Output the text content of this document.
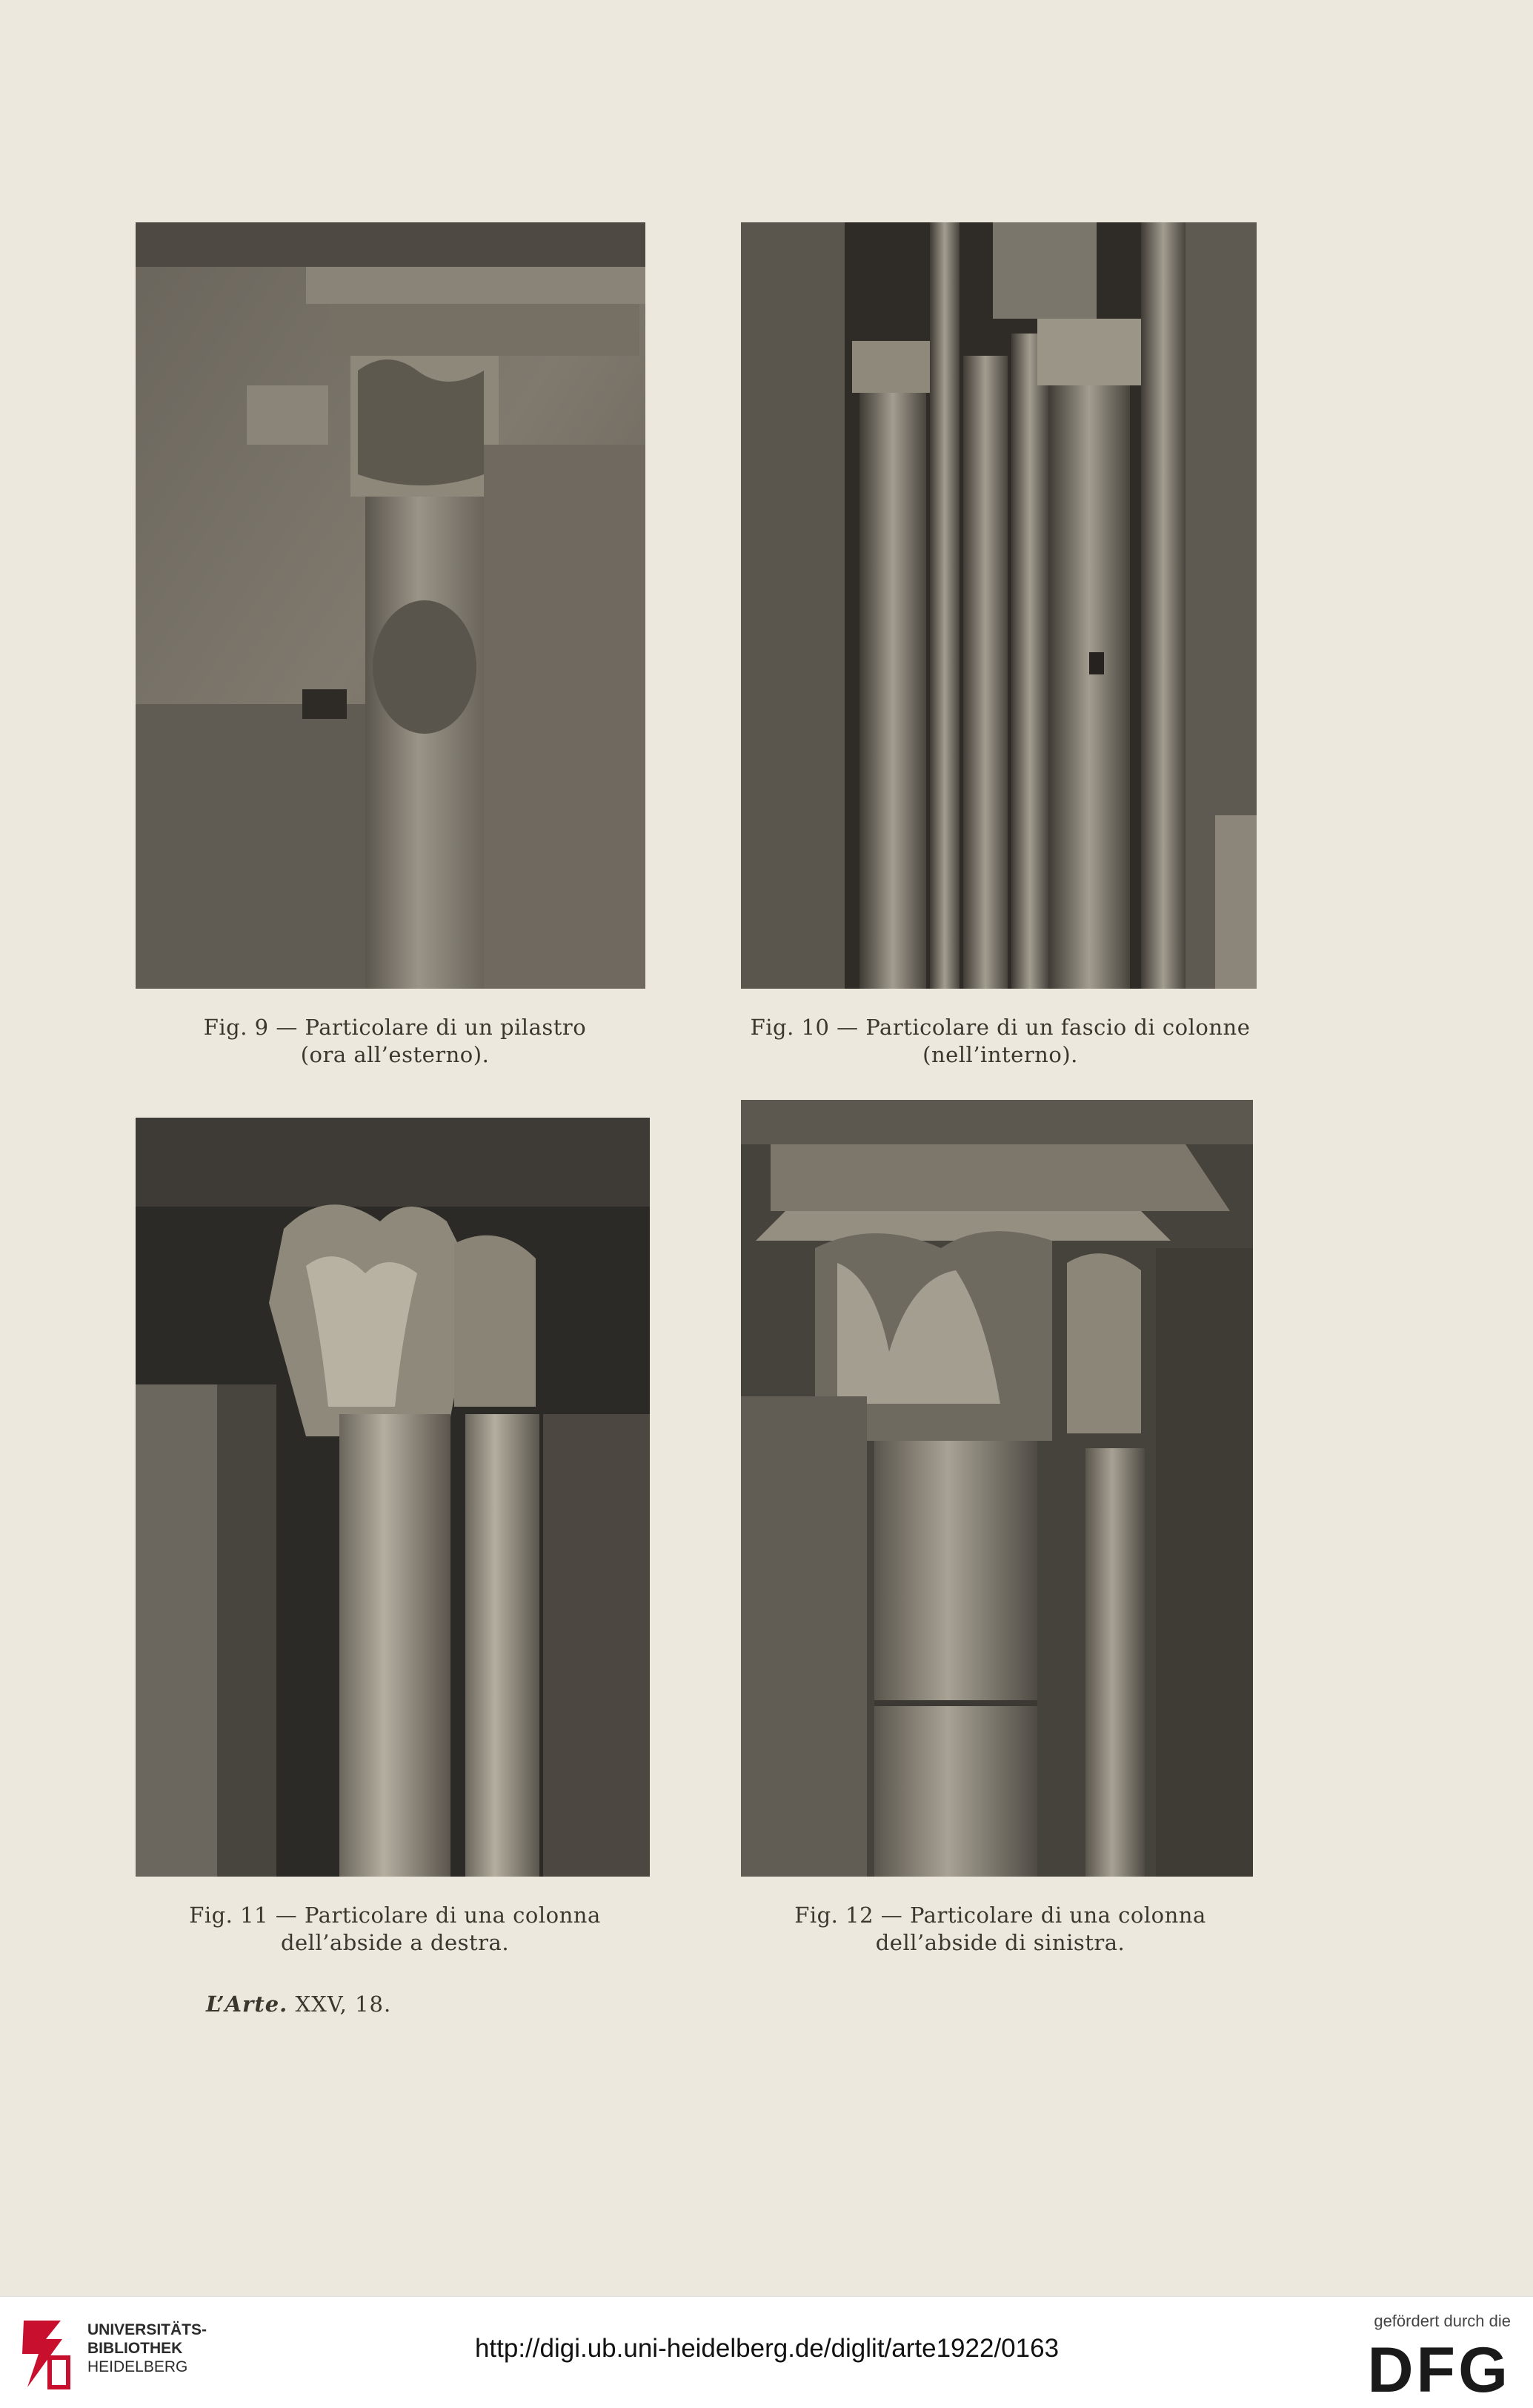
Fig. 9 — Particolare di un pilastro
(ora all’esterno).
Fig. 10 — Particolare di un fascio di colonne
(nell’interno).
Fig. 11 — Particolare di una colonna
dell’abside a destra.
Fig. 12 — Particolare di una colonna
dell’abside di sinistra.
L’Arte. XXV, 18.
UNIVERSITÄTS-
BIBLIOTHEK
HEIDELBERG
http://digi.ub.uni-heidelberg.de/diglit/arte1922/0163
gefördert durch die
DFG
